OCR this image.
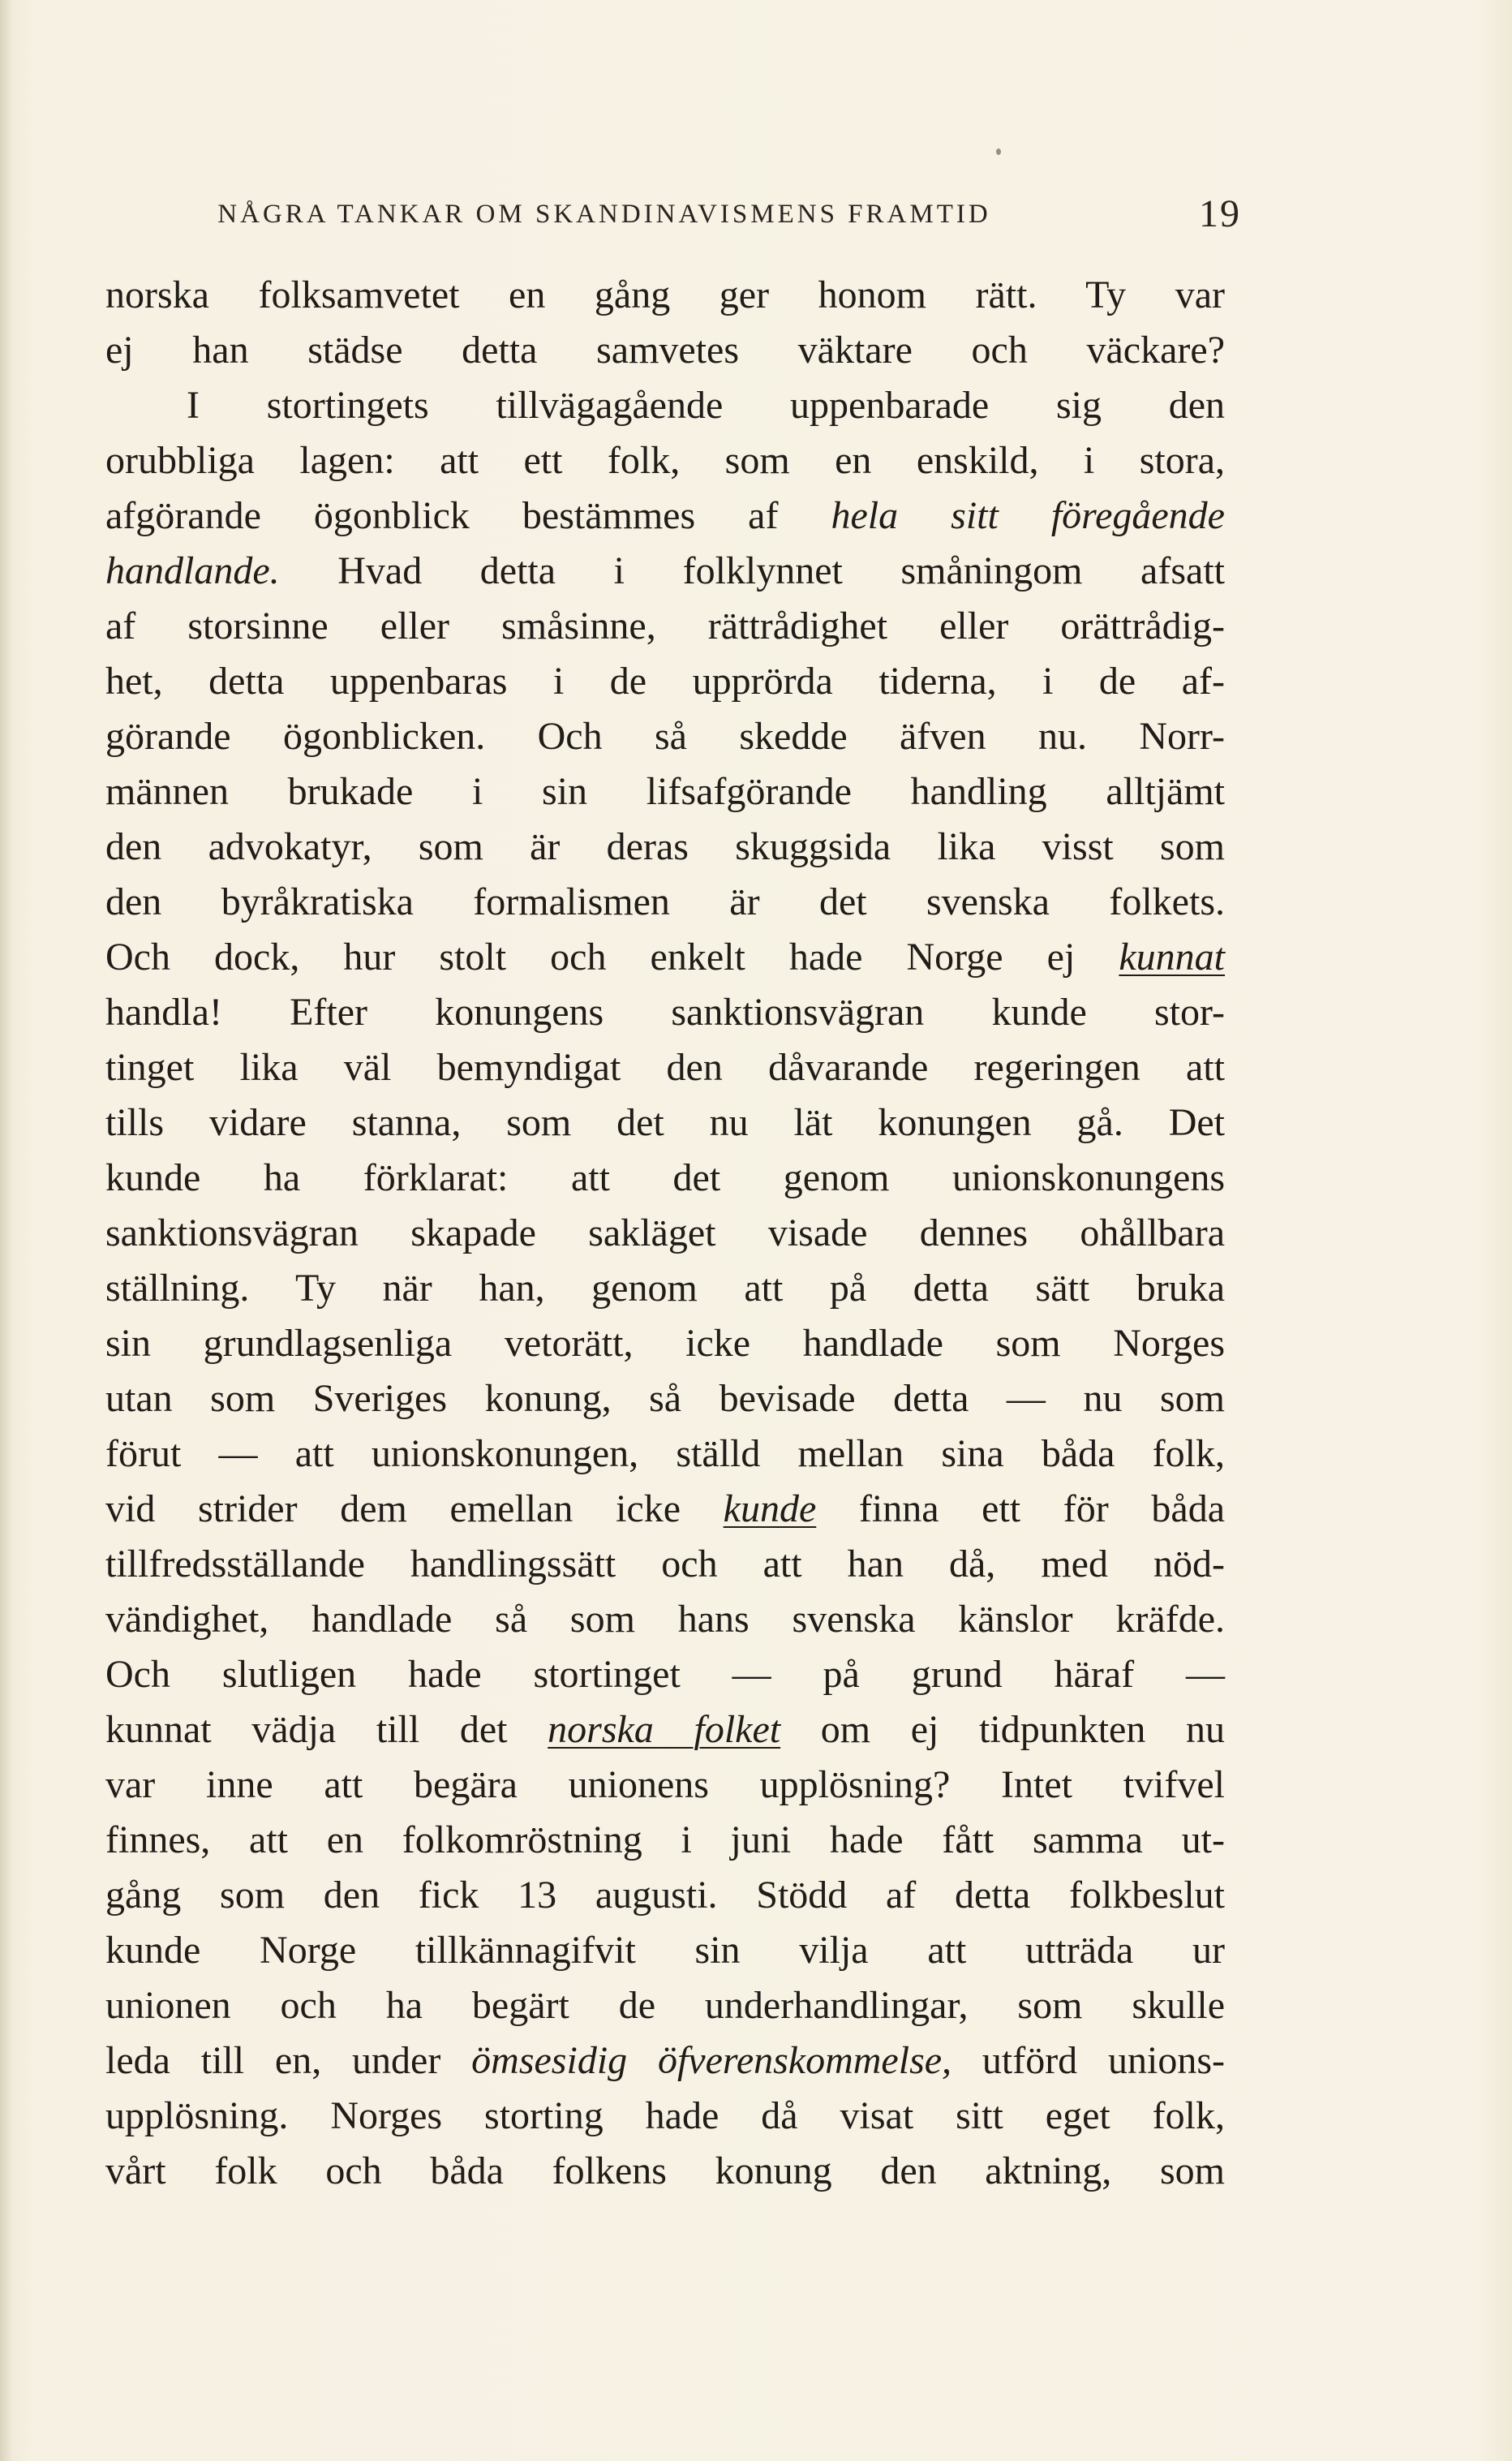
NÅGRA TANKAR OM SKANDINAVISMENS FRAMTID	19
norska folksamvetet en gång ger honom rätt. Ty var
ej han städse detta samvetes väktare och väckare?
I stortingets tillvägagående uppenbarade sig den
orubbliga lagen: att ett folk, som en enskild, i stora,
afgörande ögonblick bestämmes af hela sitt föregående
handlande. Hvad detta i folklynnet småningom afsatt
af storsinne eller småsinne, rättrådighet eller orättrådig-
het, detta uppenbaras i de upprörda tiderna, i de af-
görande ögonblicken. Och så skedde äfven nu. Norr-
männen brukade i sin lifsafgörande handling alltjämt
den advokatyr, som är deras skuggsida lika visst som
den byråkratiska formalismen är det svenska folkets.
Och dock, hur stolt och enkelt hade Norge ej kunnat
handla! Efter konungens sanktionsvägran kunde stor-
tinget lika väl bemyndigat den dåvarande regeringen att
tills vidare stanna, som det nu lät konungen gå. Det
kunde ha förklarat: att det genom unionskonungens
sanktionsvägran skapade sakläget visade dennes ohållbara
ställning. Ty när han, genom att på detta sätt bruka
sin grundlagsenliga vetorätt, icke handlade som Norges
utan som Sveriges konung, så bevisade detta — nu som
förut — att unionskonungen, ställd mellan sina båda folk,
vid strider dem emellan icke kunde finna ett för båda
tillfredsställande handlingssätt och att han då, med nöd-
vändighet, handlade så som hans svenska känslor kräfde.
Och slutligen hade stortinget — på grund häraf —
kunnat vädja till det norska folket om ej tidpunkten nu
var inne att begära unionens upplösning? Intet tvifvel
finnes, att en folkomröstning i juni hade fått samma ut-
gång som den fick 13 augusti. Stödd af detta folkbeslut
kunde Norge tillkännagifvit sin vilja att utträda ur
unionen och ha begärt de underhandlingar, som skulle
leda till en, under ömsesidig öfverenskommelse, utförd unions-
upplösning. Norges storting hade då visat sitt eget folk,
vårt folk och båda folkens konung den aktning, som
